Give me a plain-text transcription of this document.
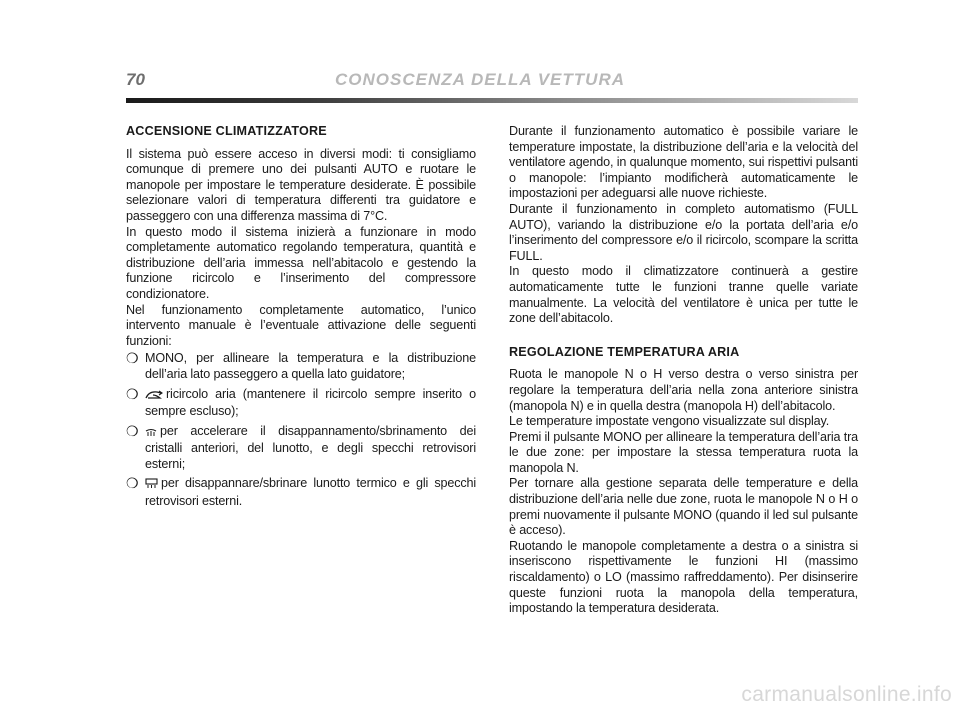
70	CONOSCENZA DELLA VETTURA
ACCENSIONE CLIMATIZZATORE

Il sistema può essere acceso in diversi modi: ti consigliamo comunque di premere uno dei pulsanti AUTO e ruotare le manopole per impostare le temperature desiderate. È possibile selezionare valori di temperatura differenti tra guidatore e passeggero con una differenza massima di 7°C.

In questo modo il sistema inizierà a funzionare in modo completamente automatico regolando temperatura, quantità e distribuzione dell’aria immessa nell’abitacolo e gestendo la funzione ricircolo e l’inserimento del compressore condizionatore.

Nel funzionamento completamente automatico, l’unico intervento manuale è l’eventuale attivazione delle seguenti funzioni:

❍ MONO, per allineare la temperatura e la distribuzione dell’aria lato passeggero a quella lato guidatore;
❍ ricircolo aria (mantenere il ricircolo sempre inserito o sempre escluso);
❍ per accelerare il disappannamento/sbrinamento dei cristalli anteriori, del lunotto, e degli specchi retrovisori esterni;
❍ per disappannare/sbrinare lunotto termico e gli specchi retrovisori esterni.

Durante il funzionamento automatico è possibile variare le temperature impostate, la distribuzione dell’aria e la velocità del ventilatore agendo, in qualunque momento, sui rispettivi pulsanti o manopole: l’impianto modificherà automaticamente le impostazioni per adeguarsi alle nuove richieste.

Durante il funzionamento in completo automatismo (FULL AUTO), variando la distribuzione e/o la portata dell’aria e/o l’inserimento del compressore e/o il ricircolo, scompare la scritta FULL.

In questo modo il climatizzatore continuerà a gestire automaticamente tutte le funzioni tranne quelle variate manualmente. La velocità del ventilatore è unica per tutte le zone dell’abitacolo.

REGOLAZIONE TEMPERATURA ARIA

Ruota le manopole N o H verso destra o verso sinistra per regolare la temperatura dell’aria nella zona anteriore sinistra (manopola N) e in quella destra (manopola H) dell’abitacolo.

Le temperature impostate vengono visualizzate sul display.

Premi il pulsante MONO per allineare la temperatura dell’aria tra le due zone: per impostare la stessa temperatura ruota la manopola N.

Per tornare alla gestione separata delle temperature e della distribuzione dell’aria nelle due zone, ruota le manopole N o H o premi nuovamente il pulsante MONO (quando il led sul pulsante è acceso).

Ruotando le manopole completamente a destra o a sinistra si inseriscono rispettivamente le funzioni HI (massimo riscaldamento) o LO (massimo raffreddamento). Per disinserire queste funzioni ruota la manopola della temperatura, impostando la temperatura desiderata.

carmanualsonline.info
